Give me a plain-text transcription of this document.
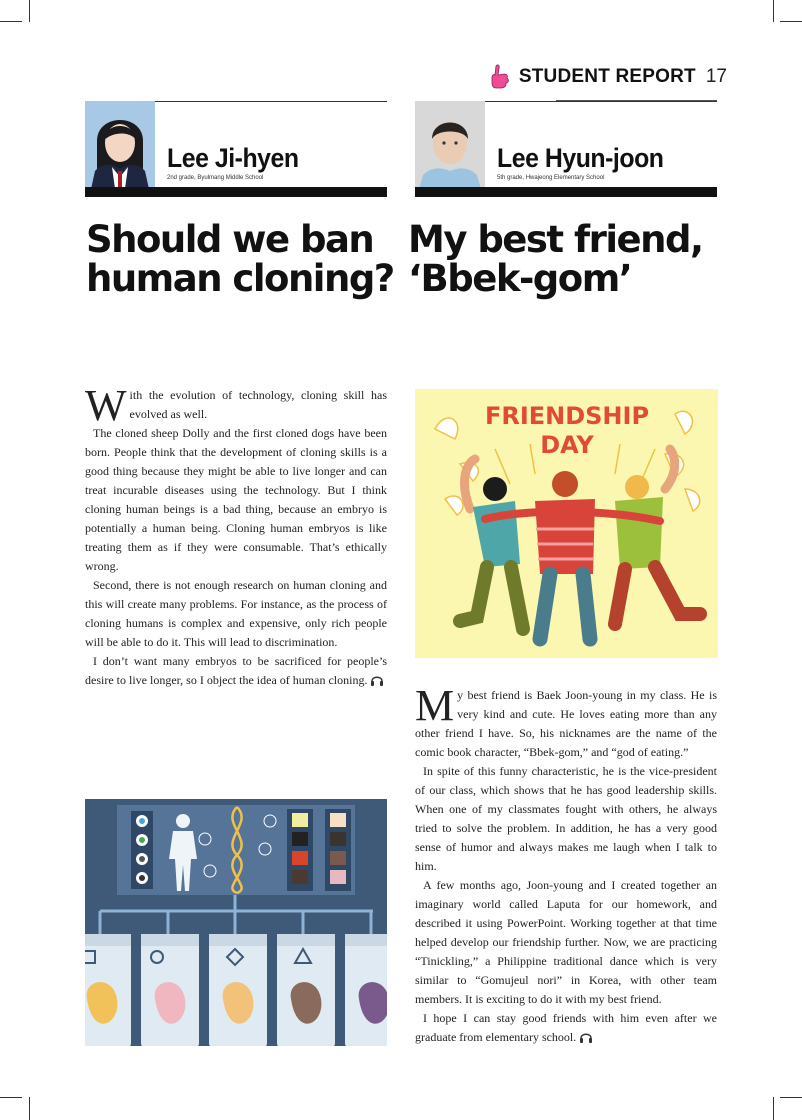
STUDENT REPORT 17
Lee Ji-hyen
2nd grade, Byulmang Middle School
Lee Hyun-joon
5th grade, Hwajeong Elementary School
Should we ban
human cloning?
My best friend,
‘Bbek-gom’

With the evolution of technology, cloning skill has evolved as well.

The cloned sheep Dolly and the first cloned dogs have been born. People think that the development of cloning skills is a good thing because they might be able to live longer and can treat incurable diseases using the technology. But I think cloning human beings is a bad thing, because an embryo is potentially a human being. Cloning human embryos is like treating them as if they were consumable. That’s ethically wrong.

Second, there is not enough research on human cloning and this will create many problems. For instance, as the process of cloning humans is complex and expensive, only rich people will be able to do it. This will lead to discrimination.

I don’t want many embryos to be sacrificed for people’s desire to live longer, so I object the idea of human cloning.

FRIENDSHIP
DAY

My best friend is Baek Joon-young in my class. He is very kind and cute. He loves eating more than any other friend I have. So, his nicknames are the name of the comic book character, “Bbek-gom,” and “god of eating.”

In spite of this funny characteristic, he is the vice-president of our class, which shows that he has good leadership skills. When one of my classmates fought with others, he always tried to solve the problem. In addition, he has a very good sense of humor and always makes me laugh when I talk to him.

A few months ago, Joon-young and I created together an imaginary world called Laputa for our homework, and described it using PowerPoint. Working together at that time helped develop our friendship further. Now, we are practicing “Tinickling,” a Philippine traditional dance which is very similar to “Gomujeul nori” in Korea, with other team members. It is exciting to do it with my best friend.

I hope I can stay good friends with him even after we graduate from elementary school.
